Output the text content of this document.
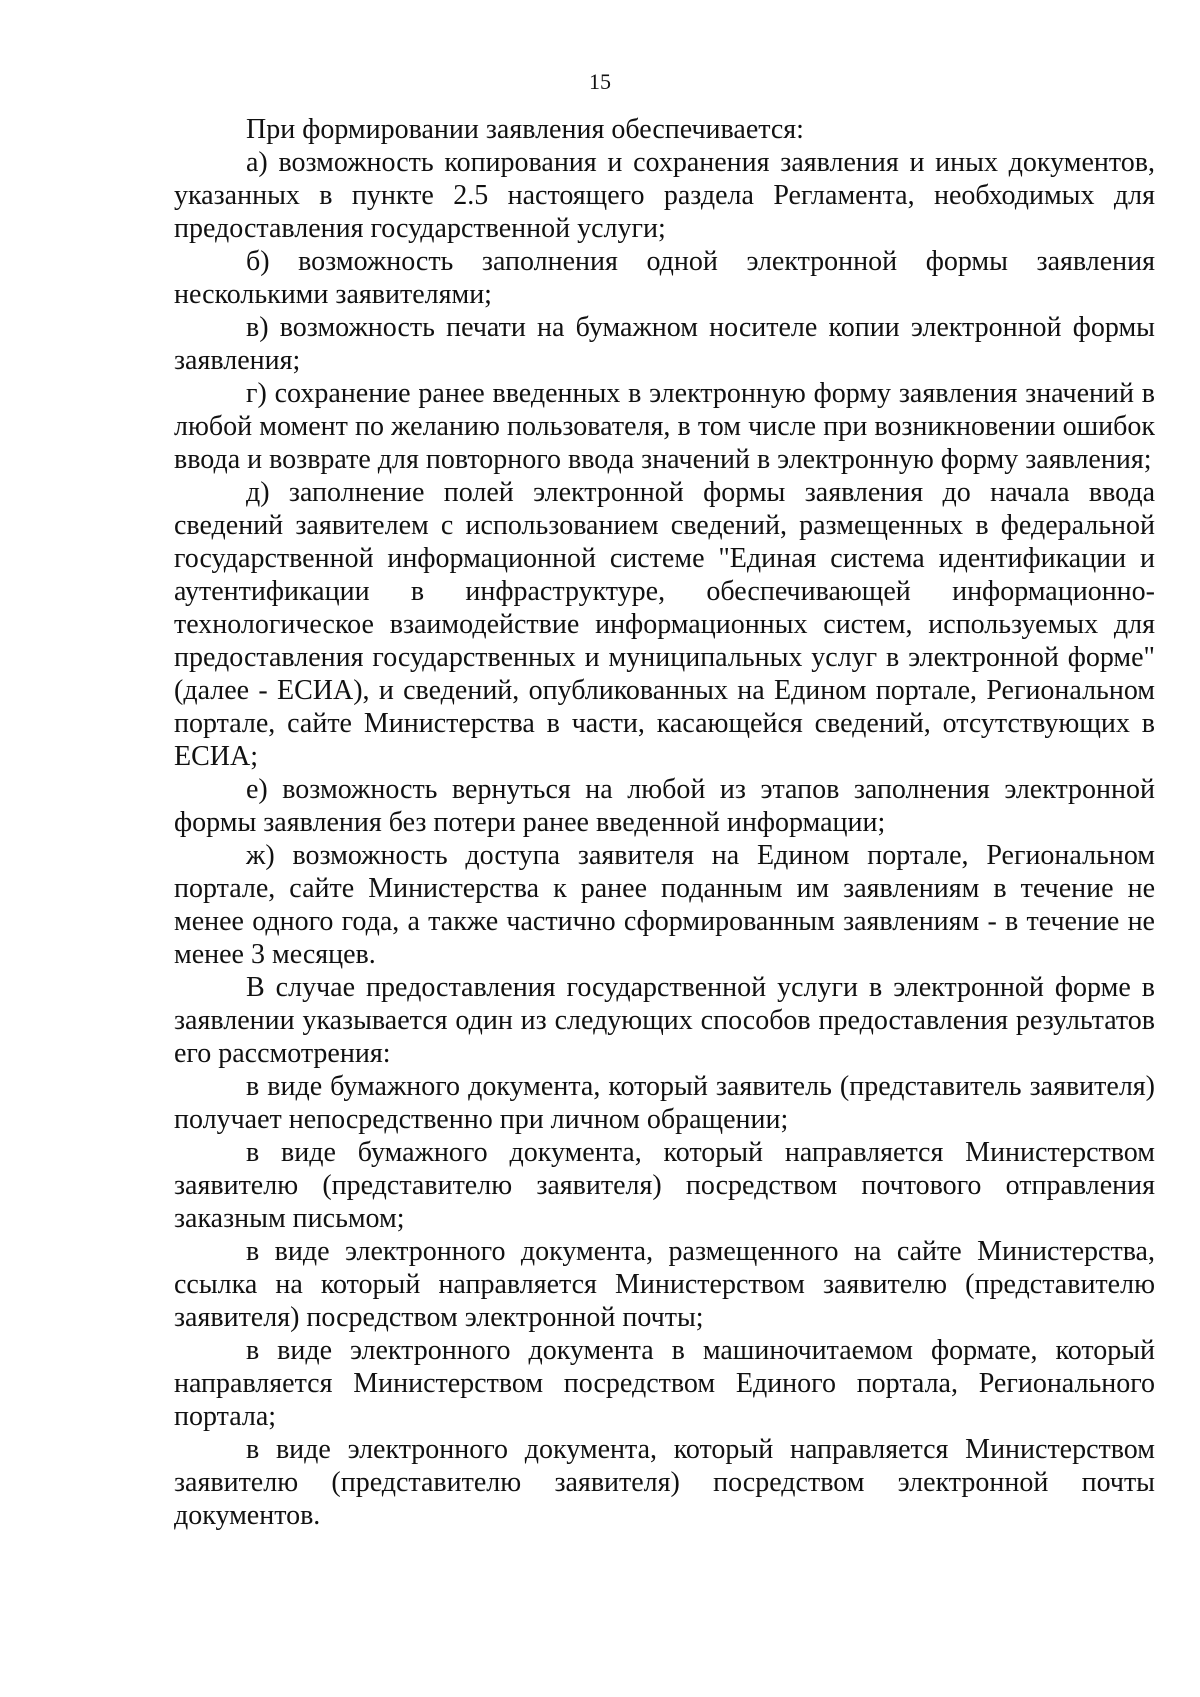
15

При формировании заявления обеспечивается:

а) возможность копирования и сохранения заявления и иных документов, указанных в пункте 2.5 настоящего раздела Регламента, необходимых для предоставления государственной услуги;

б) возможность заполнения одной электронной формы заявления несколькими заявителями;

в) возможность печати на бумажном носителе копии электронной формы заявления;

г) сохранение ранее введенных в электронную форму заявления значений в любой момент по желанию пользователя, в том числе при возникновении ошибок ввода и возврате для повторного ввода значений в электронную форму заявления;

д) заполнение полей электронной формы заявления до начала ввода сведений заявителем с использованием сведений, размещенных в федеральной государственной информационной системе "Единая система идентификации и аутентификации в инфраструктуре, обеспечивающей информационно-технологическое взаимодействие информационных систем, используемых для предоставления государственных и муниципальных услуг в электронной форме" (далее - ЕСИА), и сведений, опубликованных на Едином портале, Региональном портале, сайте Министерства в части, касающейся сведений, отсутствующих в ЕСИА;

е) возможность вернуться на любой из этапов заполнения электронной формы заявления без потери ранее введенной информации;

ж) возможность доступа заявителя на Едином портале, Региональном портале, сайте Министерства к ранее поданным им заявлениям в течение не менее одного года, а также частично сформированным заявлениям - в течение не менее 3 месяцев.

В случае предоставления государственной услуги в электронной форме в заявлении указывается один из следующих способов предоставления результатов его рассмотрения:

в виде бумажного документа, который заявитель (представитель заявителя) получает непосредственно при личном обращении;

в виде бумажного документа, который направляется Министерством заявителю (представителю заявителя) посредством почтового отправления заказным письмом;

в виде электронного документа, размещенного на сайте Министерства, ссылка на который направляется Министерством заявителю (представителю заявителя) посредством электронной почты;

в виде электронного документа в машиночитаемом формате, который направляется Министерством посредством Единого портала, Регионального портала;

в виде электронного документа, который направляется Министерством заявителю (представителю заявителя) посредством электронной почты документов.
